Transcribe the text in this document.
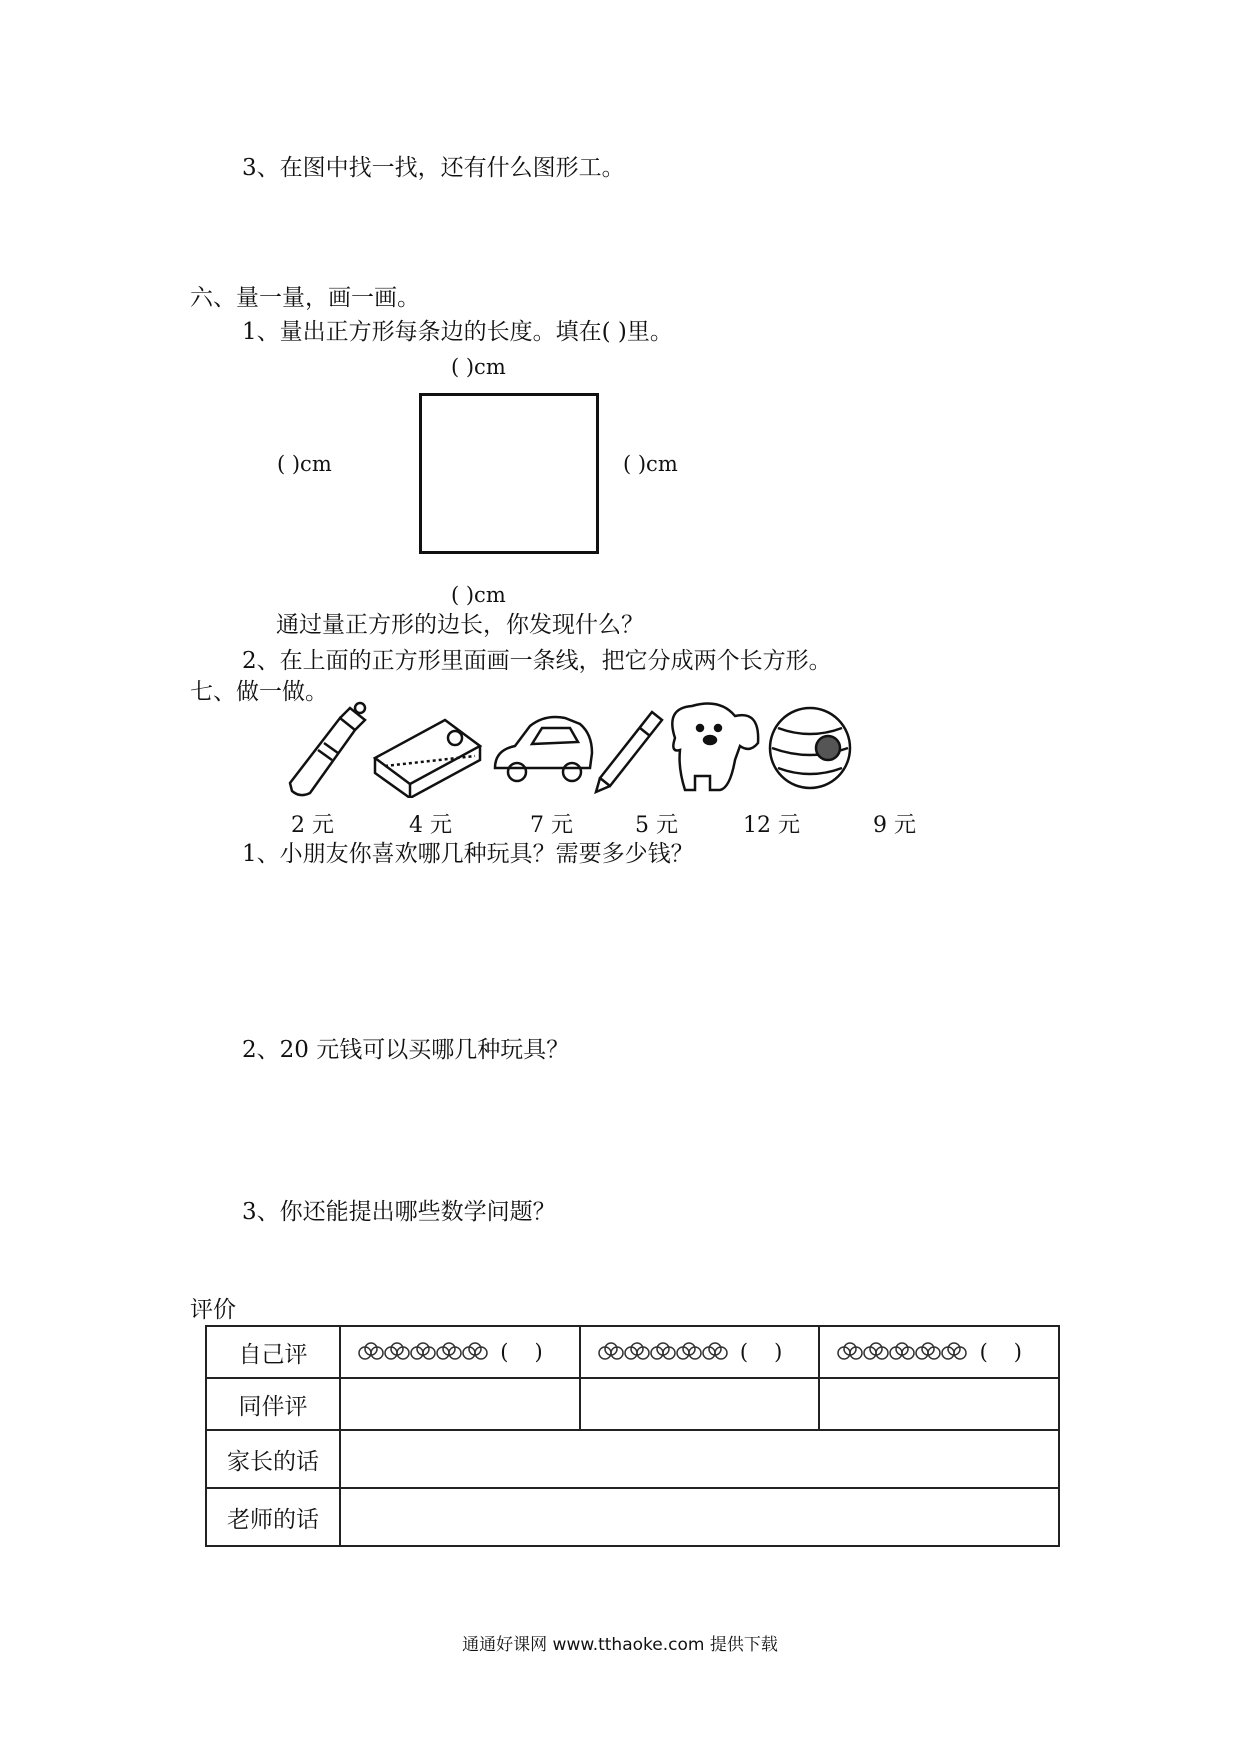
3、在图中找一找，还有什么图形工。
六、量一量，画一画。
1、量出正方形每条边的长度。填在( )里。
( )cm
( )cm	( )cm
( )cm
通过量正方形的边长，你发现什么？
2、在上面的正方形里面画一条线，把它分成两个长方形。
七、做一做。
2 元	4 元	7 元	5 元	12 元	9 元
1、小朋友你喜欢哪几种玩具？需要多少钱？
2、20 元钱可以买哪几种玩具？
3、你还能提出哪些数学问题？
评价
自己评	()	()	()

同伴评			
家长的话			
老师的话			
通通好课网 www.tthaoke.com 提供下载
